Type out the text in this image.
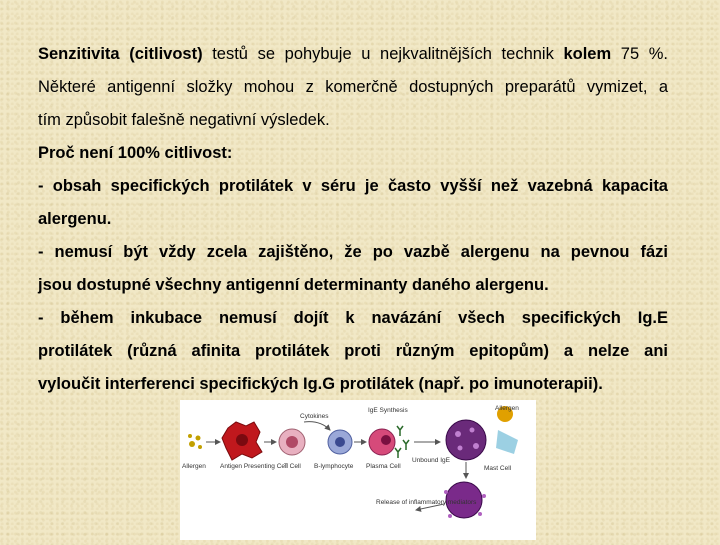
Senzitivita (citlivost) testů se pohybuje u nejkvalitnějších technik kolem 75 %.

Některé antigenní složky mohou z komerčně dostupných preparátů vymizet, a

tím způsobit falešně negativní výsledek.

Proč není 100% citlivost:

- obsah specifických protilátek v séru je často vyšší než vazebná kapacita

alergenu.

- nemusí být vždy zcela zajištěno, že po vazbě alergenu na pevnou fázi

jsou dostupné všechny antigenní determinanty daného alergenu.

- během inkubace nemusí dojít k navázání všech specifických Ig.E

protilátek (různá afinita protilátek proti různým epitopům) a nelze ani

vyloučit interferenci specifických Ig.G protilátek (např. po imunoterapii).

Cytokines
IgE Synthesis
Unbound IgE
Mast Cell
Allergen
Release of inflammatory mediators
Allergen Antigen Presenting Cell
T Cell B-lymphocyte Plasma Cell
